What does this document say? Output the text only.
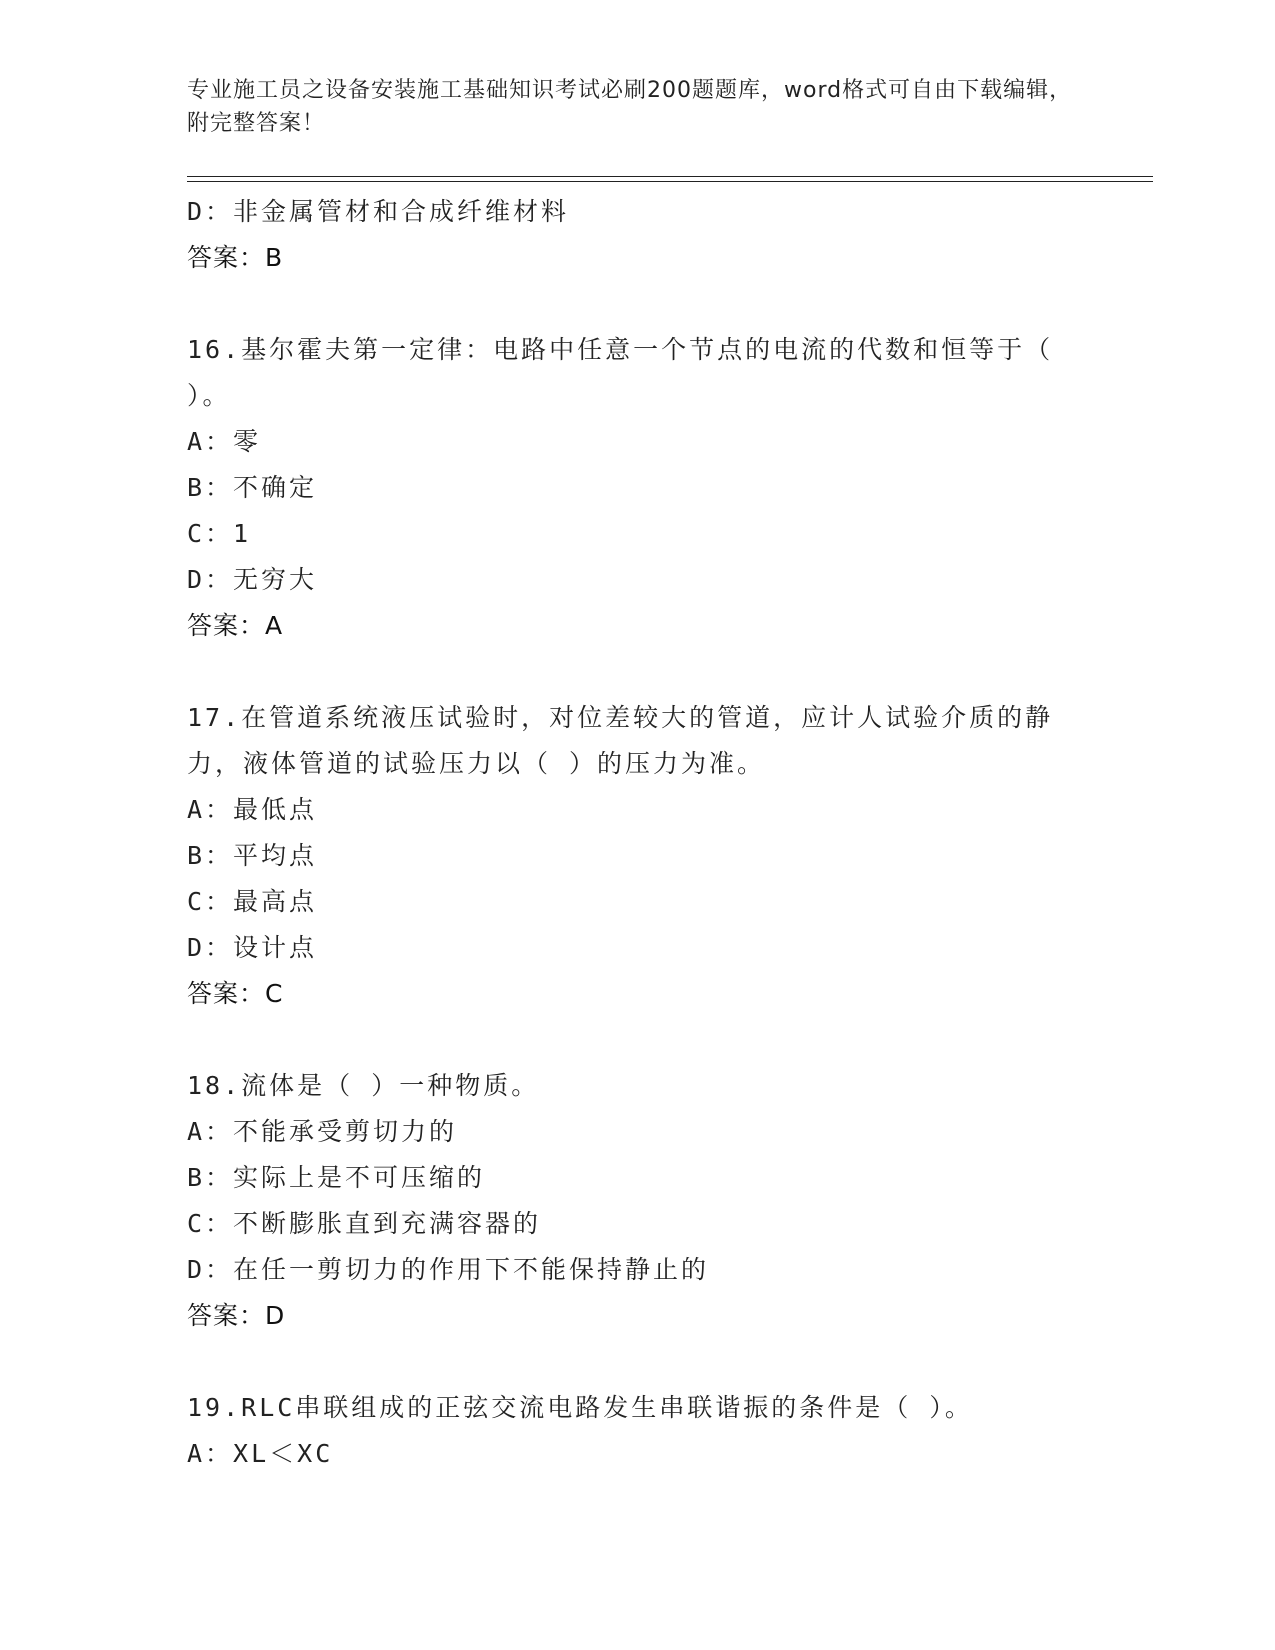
专业施工员之设备安装施工基础知识考试必刷200题题库，word格式可自由下载编辑，附完整答案！
D：非金属管材和合成纤维材料
答案：B
16.基尔霍夫第一定律：电路中任意一个节点的电流的代数和恒等于（ ）。
A：零
B：不确定
C：1
D：无穷大
答案：A
17.在管道系统液压试验时，对位差较大的管道，应计人试验介质的静力，液体管道的试验压力以（ ）的压力为准。
A：最低点
B：平均点
C：最高点
D：设计点
答案：C
18.流体是（ ）一种物质。
A：不能承受剪切力的
B：实际上是不可压缩的
C：不断膨胀直到充满容器的
D：在任一剪切力的作用下不能保持静止的
答案：D
19.RLC串联组成的正弦交流电路发生串联谐振的条件是（ ）。
A：XL＜XC
